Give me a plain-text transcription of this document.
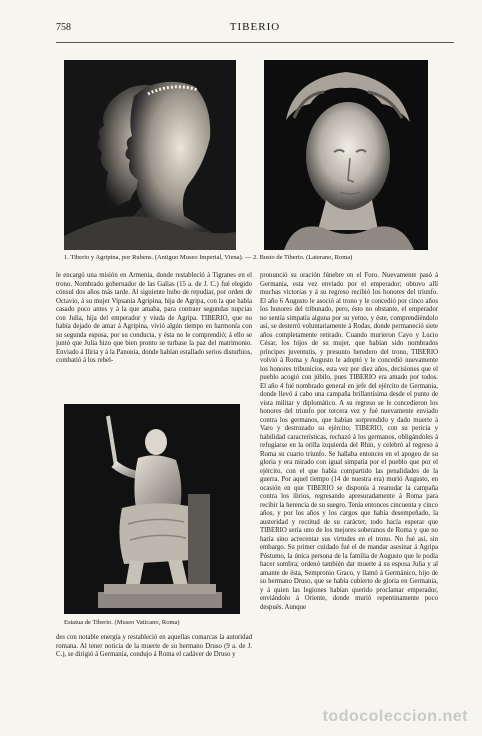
758	TIBERIO
1. Tiberio y Agripina, por Rubens. (Antiguo Museo Imperial, Viena). — 2. Busto de Tiberio. (Laterano, Roma)
le encargó una misión en Armenia, donde restableció á Tigranes en el trono. Nombrado gobernador de las Galias (15 a. de J. C.) fué elegido cónsul dos años más tarde. Al siguiente hubo de repudiar, por orden de Octavio, á su mujer Vipsania Agripina, hija de Agripa, con la que había casado poco antes y á la que amaba, para contraer segundas nupcias con Julia, hija del emperador y viuda de Agripa. TIBERIO, que no había dejado de amar á Agripina, vivió algún tiempo en harmonía con su segunda esposa, por su conducta, y ésta no le comprendió; á ello se juntó que Julia hizo que bien pronto se turbase la paz del matrimonio. Enviado á Iliria y á la Panonia, donde habían estallado serios disturbios, combatió á los rebel-
Estatua de Tiberio. (Museo Vaticano, Roma)
des con notable energía y restableció en aquellas comarcas la autoridad romana. Al tener noticia de la muerte de su hermano Druso (9 a. de J. C.), se dirigió á Germania, condujo á Roma el cadáver de Druso y
pronunció su oración fúnebre en el Foro. Nuevamente pasó á Germania, esta vez enviado por el emperador; obtuvo allí muchas victorias y á su regreso recibió los honores del triunfo. El año 6 Augusto le asoció al trono y le concedió por cinco años los honores del tribunado, pero, ésto no obstante, el emperador no sentía simpatía alguna por su yerno, y éste, comprendiéndolo así, se desterró voluntariamente á Rodas, donde permaneció siete años completamente retirado. Cuando murieron Cayo y Lucio César, los hijos de su mujer, que habían sido nombrados príncipes juventutis, y presunto heredero del trono, TIBERIO volvió á Roma y Augusto le adoptó y le concedió nuevamente los honores tribunicios, esta vez por diez años, decisiones que el pueblo acogió con júbilo, pues TIBERIO era amado por todos. El año 4 fué nombrado general en jefe del ejército de Germania, donde llevó á cabo una campaña brillantísima desde el punto de vista militar y diplomático. A su regreso se le concedieron los honores del triunfo por tercera vez y fué nuevamente enviado contra los germanos, que habían sorprendido y dado muerte á Varo y destrozado su ejército; TIBERIO, con su pericia y habilidad características, rechazó á los germanos, obligándoles á refugiarse en la orilla izquierda del Rhin, y celebró al regreso á Roma su cuarto triunfo. Se hallaba entonces en el apogeo de su gloria y era mirado con igual simpatía por el pueblo que por el ejército, con el que había compartido las penalidades de la guerra. Por aquel tiempo (14 de nuestra era) murió Augusto, en ocasión en que TIBERIO se disponía á reanudar la campaña contra los ilirios, regresando apresuradamente á Roma para recibir la herencia de su suegro. Tenía entonces cincuenta y cinco años, y por los años y los cargos que había desempeñado, la austeridad y rectitud de su carácter, todo hacía esperar que TIBERIO sería uno de los mejores soberanos de Roma y que no haría sino acrecentar sus virtudes en el trono. No fué así, sin embargo. Su primer cuidado fué el de mandar asesinar á Agripa Póstumo, la única persona de la familia de Augusto que le podía hacer sombra; ordenó también dar muerte á su esposa Julia y al amante de ésta, Sempronio Graco, y llamó á Germánico, hijo de su hermano Druso, que se había cubierto de gloria en Germania, y á quien las legiones habían querido proclamar emperador, enviándolo á Oriente, donde murió repentinamente poco después. Aunque
todocoleccion.net
